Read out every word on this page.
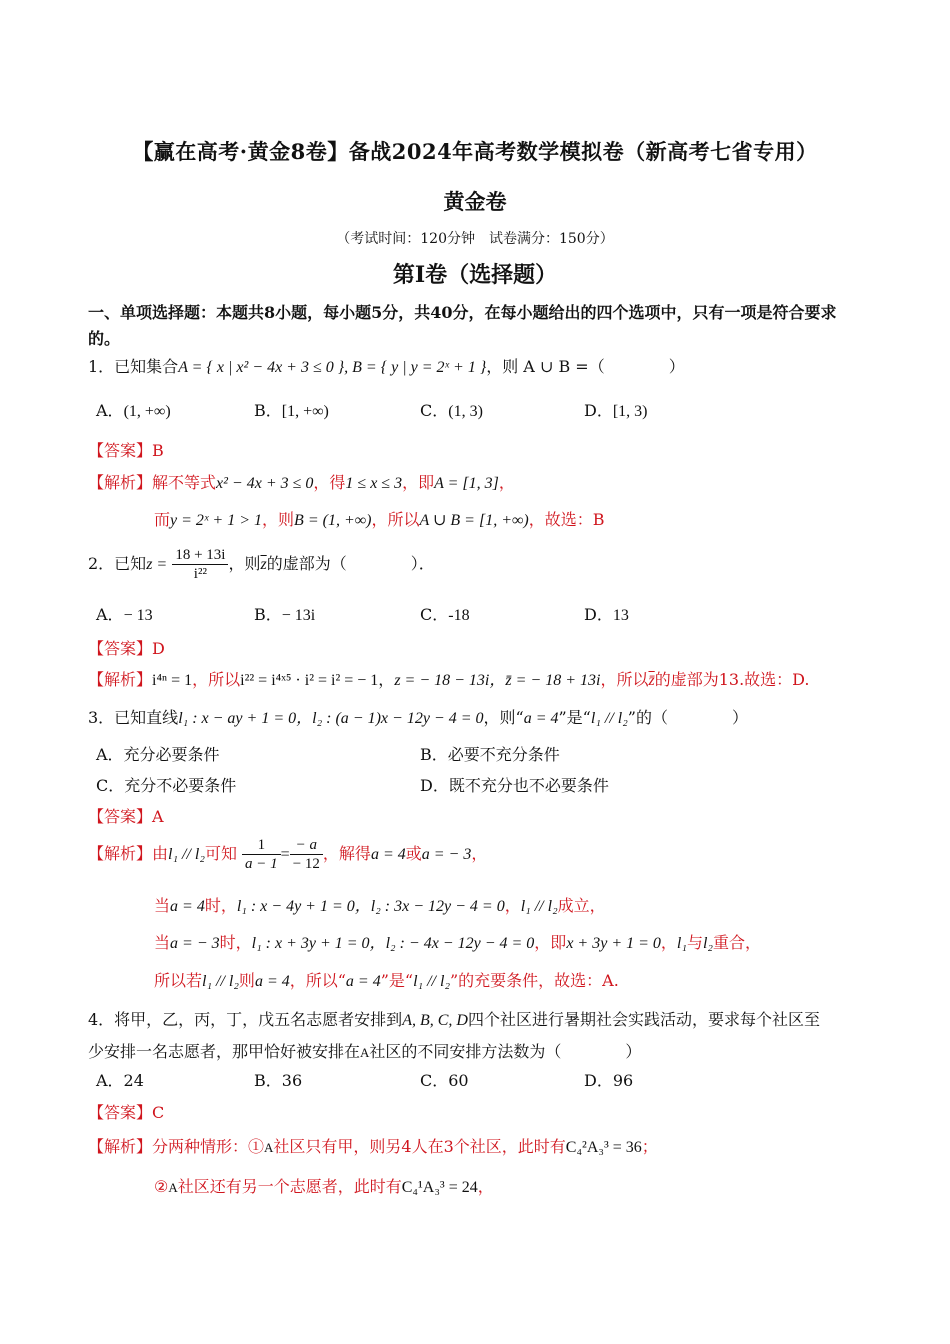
【赢在高考·黄金8卷】备战2024年高考数学模拟卷（新高考七省专用）
黄金卷
（考试时间：120分钟　试卷满分：150分）
第I卷（选择题）
一、单项选择题：本题共8小题，每小题5分，共40分，在每小题给出的四个选项中，只有一项是符合要求的。
1．已知集合A = { x | x² − 4x + 3 ≤ 0 }, B = { y | y = 2ˣ + 1 }，则 A ∪ B =（　　　　）
A．(1, +∞)	B．[1, +∞)	C．(1, 3)	D．[1, 3)
【答案】B
【解析】解不等式x² − 4x + 3 ≤ 0，得1 ≤ x ≤ 3，即A = [1, 3]，
而y = 2ˣ + 1 > 1，则B = (1, +∞)，所以A ∪ B = [1, +∞)，故选：B
2．已知$z = \frac{18 + 13i}{\text{i²²}}$ ，则$\overline{z}$的虚部为（　　　　）．
A．− 13	B．− 13i	C．-18	D．13
【答案】D
【解析】i⁴ⁿ = 1，所以i²² = i⁴ˣ⁵ · i² = i² = − 1，z = − 18 − 13i，z̄ = − 18 + 13i，所以z̄的虚部为13.故选：D.
3．已知直线l₁ : x − ay + 1 = 0，l₂ : (a − 1)x − 12y − 4 = 0，则“a = 4”是“l₁ // l₂”的（　　　　）
A．充分必要条件	B．必要不充分条件
C．充分不必要条件	D．既不充分也不必要条件
【答案】A
【解析】由l₁ // l₂可知 $\frac{1}{a - 1} = \frac{- a}{- 12}$ ，解得a = 4或a = − 3，
当a = 4时，l₁ : x − 4y + 1 = 0，l₂ : 3x − 12y − 4 = 0，l₁ // l₂成立，
当a = − 3时，l₁ : x + 3y + 1 = 0，l₂ : − 4x − 12y − 4 = 0，即x + 3y + 1 = 0，l₁与l₂重合，
所以若l₁ // l₂则a = 4，所以“a = 4”是“l₁ // l₂”的充要条件，故选：A.
4．将甲，乙，丙，丁，戊五名志愿者安排到A, B, C, D四个社区进行暑期社会实践活动，要求每个社区至
少安排一名志愿者，那甲恰好被安排在A社区的不同安排方法数为（　　　　）
A．24	B．36	C．60	D．96
【答案】C
【解析】分两种情形：①A社区只有甲，则另4人在3个社区，此时有C₄²A₃³ = 36；
②A社区还有另一个志愿者，此时有C₄¹A₃³ = 24，
